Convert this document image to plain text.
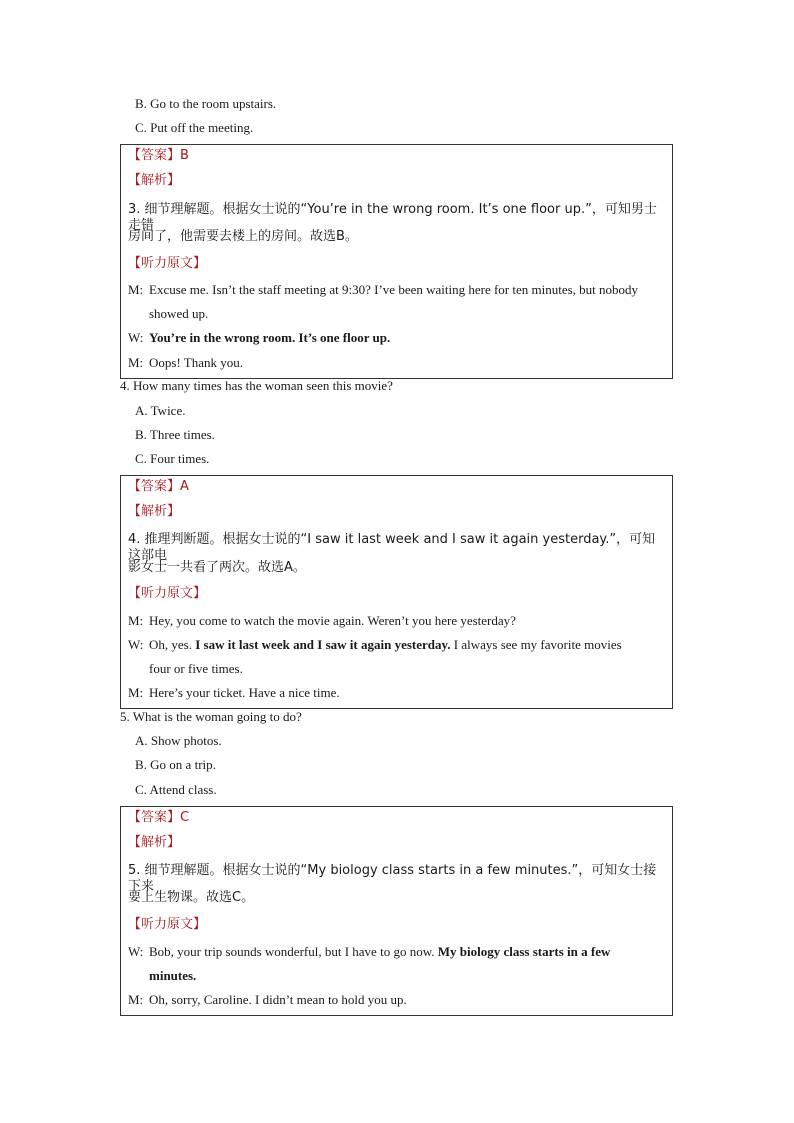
B. Go to the room upstairs.
C. Put off the meeting.
【答案】B
【解析】
3. 细节理解题。根据女士说的“You’re in the wrong room. It’s one floor up.”，可知男士走错
房间了，他需要去楼上的房间。故选B。
【听力原文】
M: Excuse me. Isn’t the staff meeting at 9:30? I’ve been waiting here for ten minutes, but nobody
showed up.
W: You’re in the wrong room. It’s one floor up.
M: Oops! Thank you.
4. How many times has the woman seen this movie?
A. Twice.
B. Three times.
C. Four times.
【答案】A
【解析】
4. 推理判断题。根据女士说的“I saw it last week and I saw it again yesterday.”，可知这部电
影女士一共看了两次。故选A。
【听力原文】
M: Hey, you come to watch the movie again. Weren’t you here yesterday?
W: Oh, yes. I saw it last week and I saw it again yesterday. I always see my favorite movies
four or five times.
M: Here’s your ticket. Have a nice time.
5. What is the woman going to do?
A. Show photos.
B. Go on a trip.
C. Attend class.
【答案】C
【解析】
5. 细节理解题。根据女士说的“My biology class starts in a few minutes.”，可知女士接下来
要上生物课。故选C。
【听力原文】
W: Bob, your trip sounds wonderful, but I have to go now. My biology class starts in a few
minutes.
M: Oh, sorry, Caroline. I didn’t mean to hold you up.
